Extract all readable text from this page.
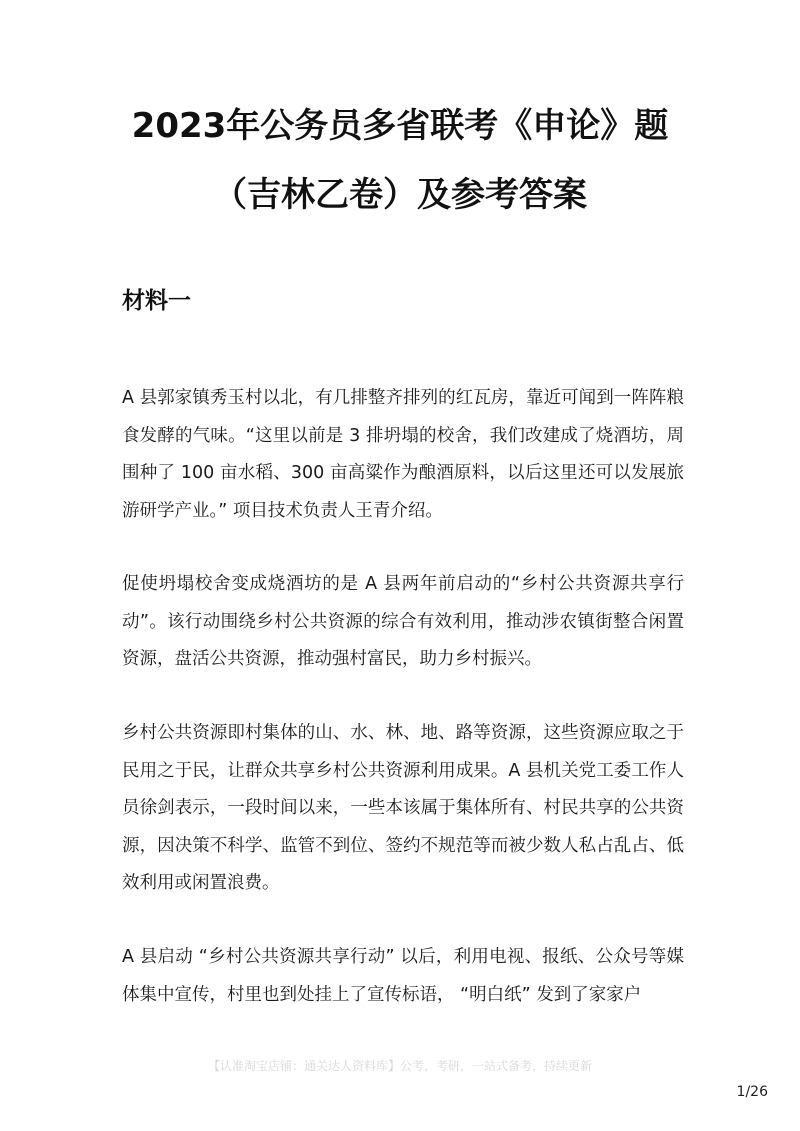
2023年公务员多省联考《申论》题（吉林乙卷）及参考答案
材料一

A 县郭家镇秀玉村以北，有几排整齐排列的红瓦房，靠近可闻到一阵阵粮食发酵的气味。“这里以前是 3 排坍塌的校舍，我们改建成了烧酒坊，周围种了 100 亩水稻、300 亩高粱作为酿酒原料，以后这里还可以发展旅游研学产业。” 项目技术负责人王青介绍。

促使坍塌校舍变成烧酒坊的是 A 县两年前启动的“乡村公共资源共享行动”。该行动围绕乡村公共资源的综合有效利用，推动涉农镇街整合闲置资源，盘活公共资源，推动强村富民，助力乡村振兴。

乡村公共资源即村集体的山、水、林、地、路等资源，这些资源应取之于民用之于民，让群众共享乡村公共资源利用成果。A 县机关党工委工作人员徐剑表示，一段时间以来，一些本该属于集体所有、村民共享的公共资源，因决策不科学、监管不到位、签约不规范等而被少数人私占乱占、低效利用或闲置浪费。

A 县启动 “乡村公共资源共享行动” 以后，利用电视、报纸、公众号等媒体集中宣传，村里也到处挂上了宣传标语， “明白纸” 发到了家家户

【认准淘宝店铺：通关达人资料库】公考，考研，一站式备考，持续更新
1/26
